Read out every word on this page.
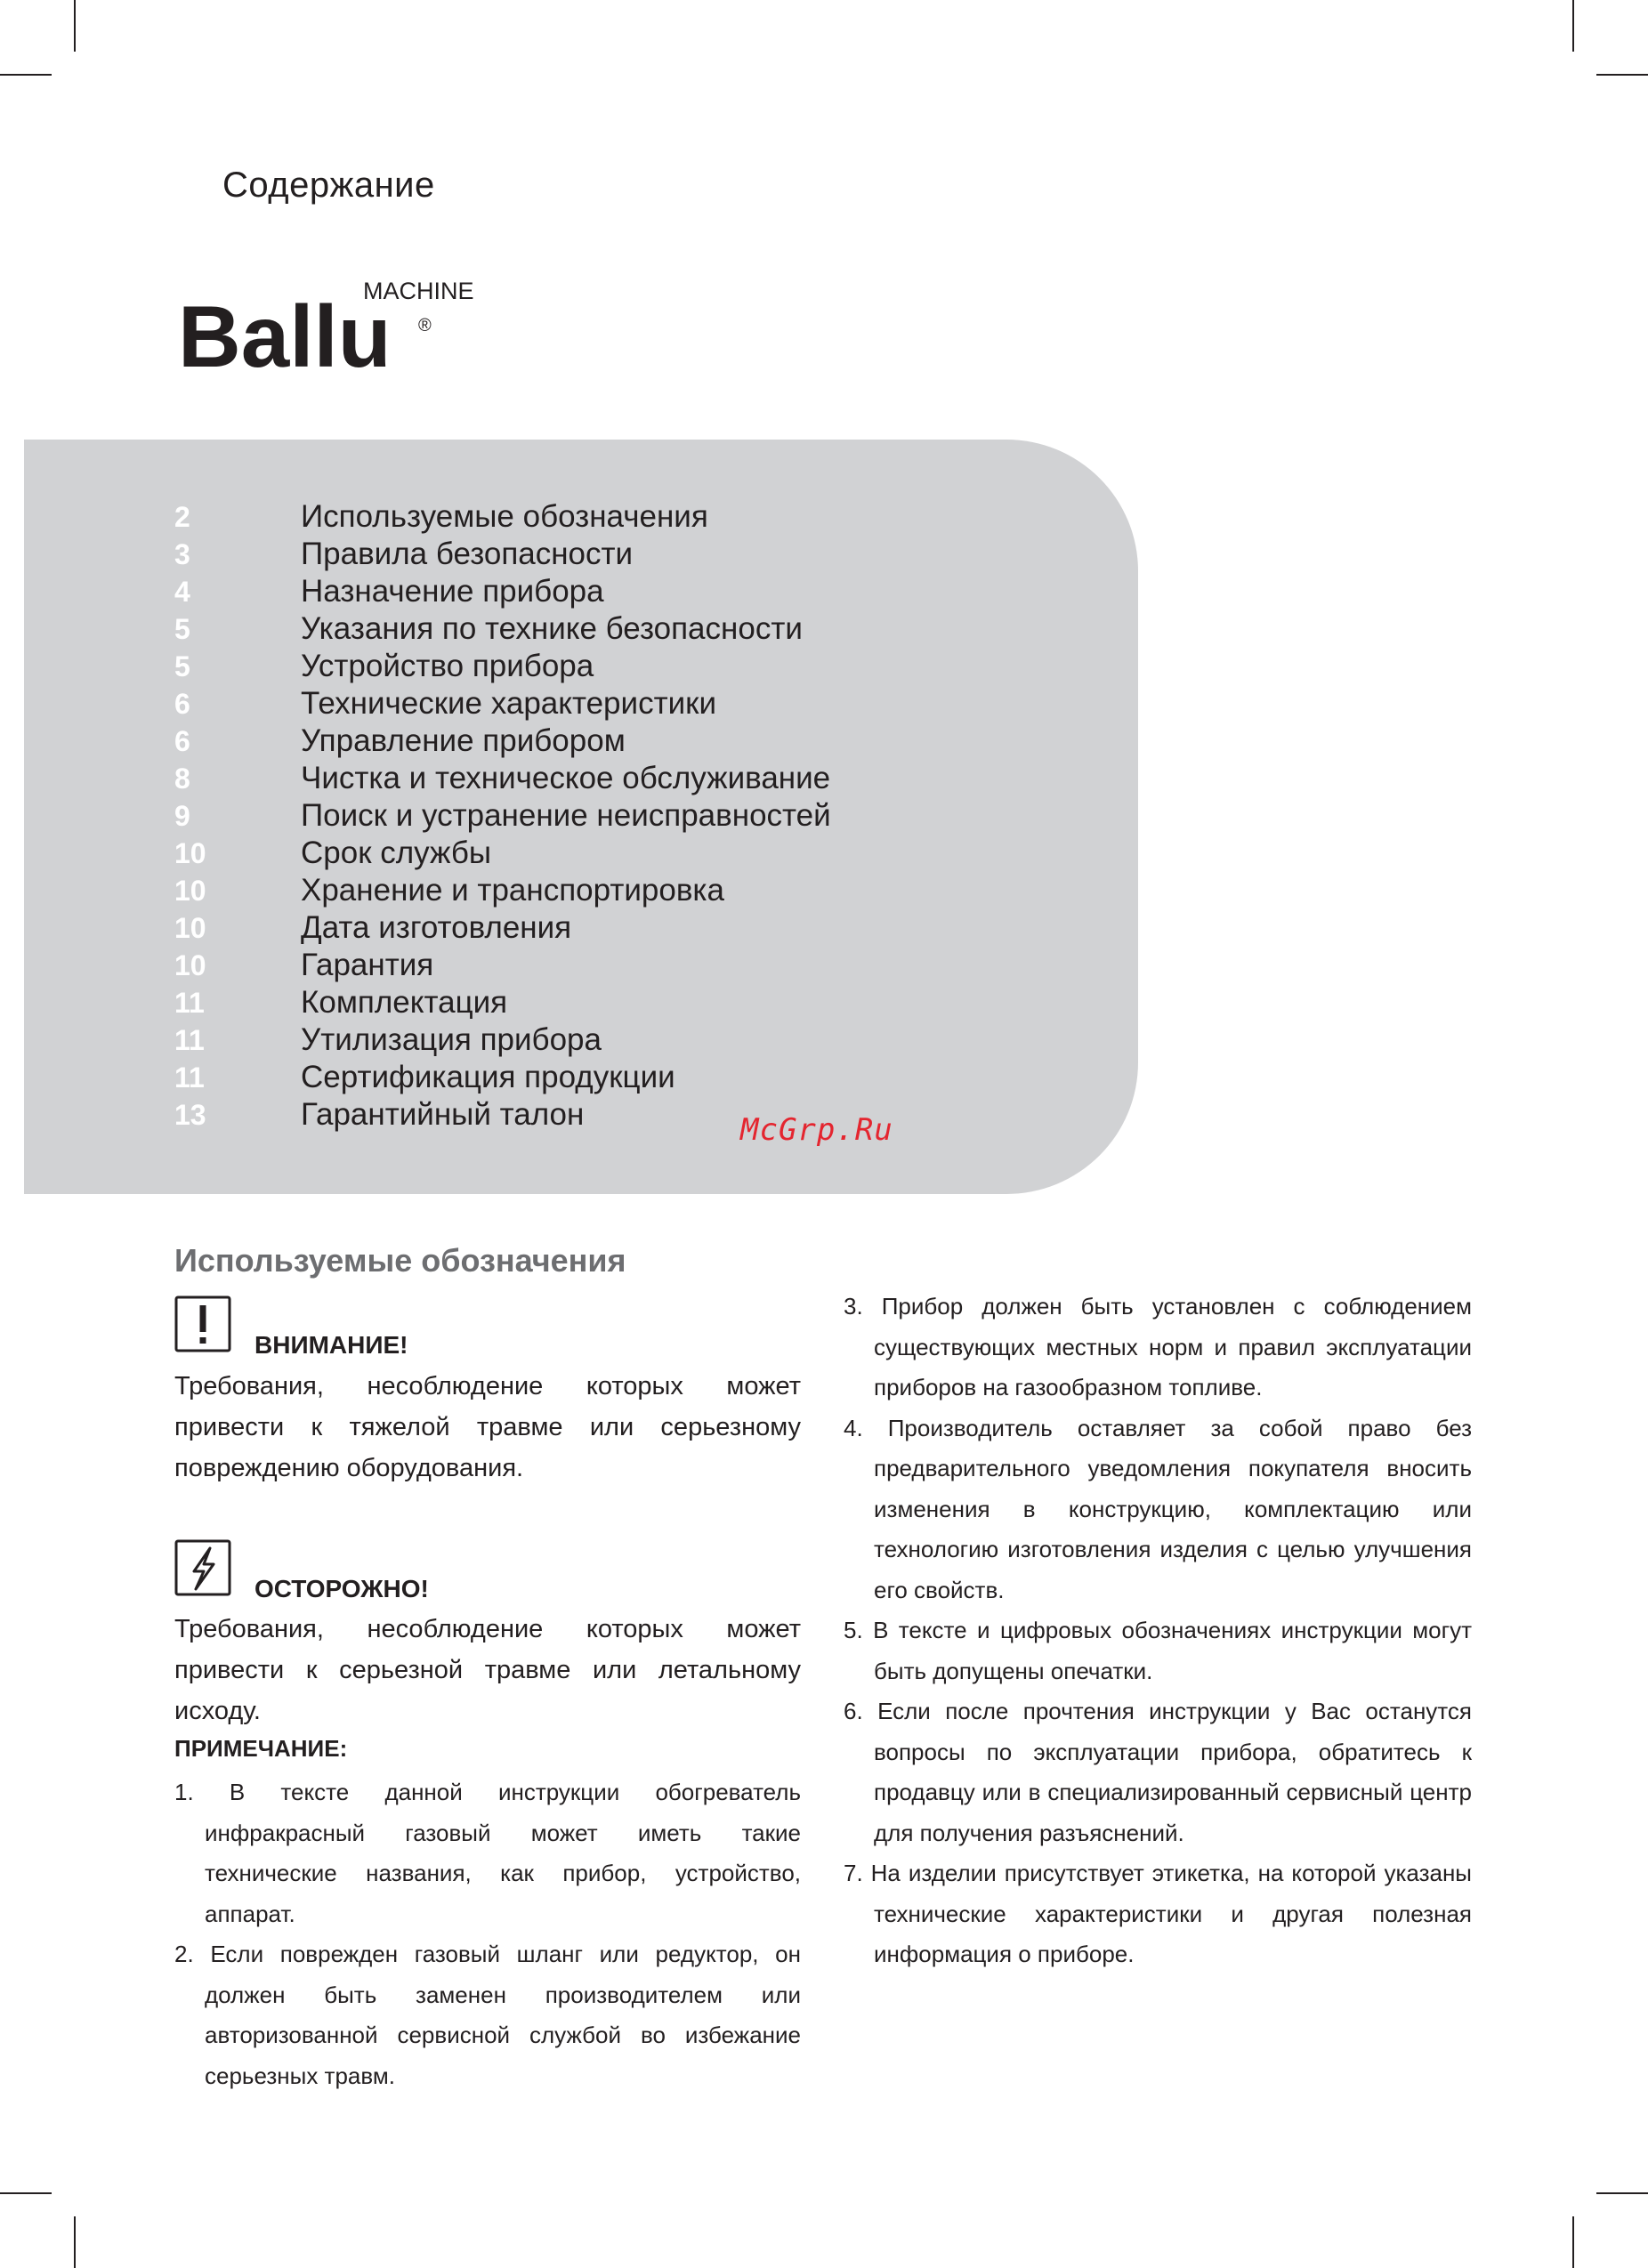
Содержание
Ballu
MACHINE
®
2	Используемые обозначения
3	Правила безопасности
4	Назначение прибора
5	Указания по технике безопасности
5	Устройство прибора
6	Технические характеристики
6	Управление прибором
8	Чистка и техническое обслуживание
9	Поиск и устранение неисправностей
10	Срок службы
10	Хранение и транспортировка
10	Дата изготовления
10	Гарантия
11	Комплектация
11	Утилизация прибора
11	Сертификация продукции
13	Гарантийный талон	McGrp.Ru
Используемые обозначения
ВНИМАНИЕ!

Требования, несоблюдение которых может привести к тяжелой травме или серьезному повреждению оборудования.

ОСТОРОЖНО!

Требования, несоблюдение которых может привести к серьезной травме или летальному исходу.

ПРИМЕЧАНИЕ:
1. В тексте данной инструкции обогреватель инфракрасный газовый может иметь такие технические названия, как прибор, устройство, аппарат.
2. Если поврежден газовый шланг или редуктор, он должен быть заменен производителем или авторизованной сервисной службой во избежание серьезных травм.
3. Прибор должен быть установлен с соблюдением существующих местных норм и правил эксплуатации приборов на газообразном топливе.
4. Производитель оставляет за собой право без предварительного уведомления покупателя вносить изменения в конструкцию, комплектацию или технологию изготовления изделия с целью улучшения его свойств.
5. В тексте и цифровых обозначениях инструкции могут быть допущены опечатки.
6. Если после прочтения инструкции у Вас останутся вопросы по эксплуатации прибора, обратитесь к продавцу или в специализированный сервисный центр для получения разъяснений.
7. На изделии присутствует этикетка, на которой указаны технические характеристики и другая полезная информация о приборе.
